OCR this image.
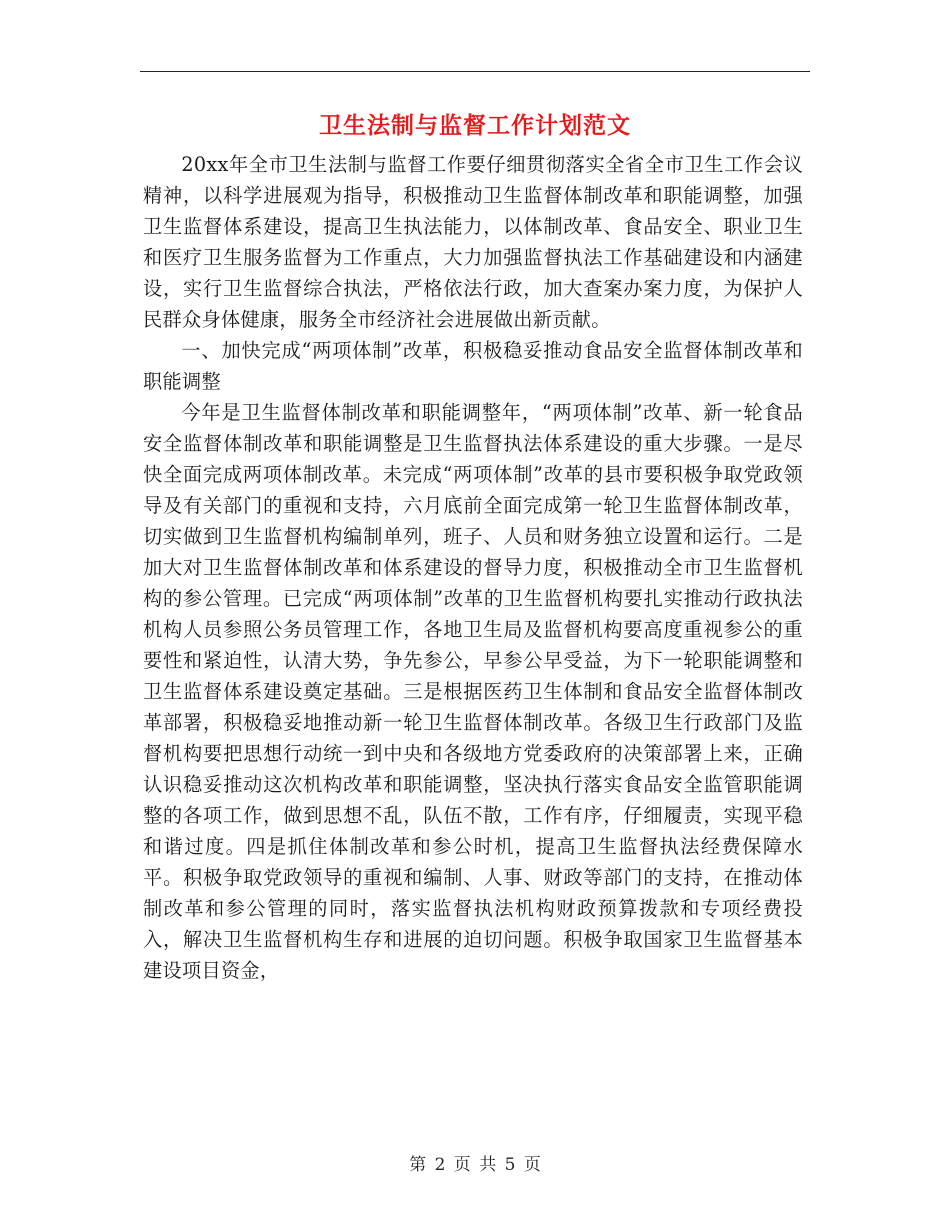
卫生法制与监督工作计划范文

20xx年全市卫生法制与监督工作要仔细贯彻落实全省全市卫生工作会议精神，以科学进展观为指导，积极推动卫生监督体制改革和职能调整，加强卫生监督体系建设，提高卫生执法能力，以体制改革、食品安全、职业卫生和医疗卫生服务监督为工作重点，大力加强监督执法工作基础建设和内涵建设，实行卫生监督综合执法，严格依法行政，加大查案办案力度，为保护人民群众身体健康，服务全市经济社会进展做出新贡献。

一、加快完成“两项体制”改革，积极稳妥推动食品安全监督体制改革和职能调整

今年是卫生监督体制改革和职能调整年，“两项体制”改革、新一轮食品安全监督体制改革和职能调整是卫生监督执法体系建设的重大步骤。一是尽快全面完成两项体制改革。未完成“两项体制”改革的县市要积极争取党政领导及有关部门的重视和支持，六月底前全面完成第一轮卫生监督体制改革，切实做到卫生监督机构编制单列，班子、人员和财务独立设置和运行。二是加大对卫生监督体制改革和体系建设的督导力度，积极推动全市卫生监督机构的参公管理。已完成“两项体制”改革的卫生监督机构要扎实推动行政执法机构人员参照公务员管理工作，各地卫生局及监督机构要高度重视参公的重要性和紧迫性，认清大势，争先参公，早参公早受益，为下一轮职能调整和卫生监督体系建设奠定基础。三是根据医药卫生体制和食品安全监督体制改革部署，积极稳妥地推动新一轮卫生监督体制改革。各级卫生行政部门及监督机构要把思想行动统一到中央和各级地方党委政府的决策部署上来，正确认识稳妥推动这次机构改革和职能调整，坚决执行落实食品安全监管职能调整的各项工作，做到思想不乱，队伍不散，工作有序，仔细履责，实现平稳和谐过度。四是抓住体制改革和参公时机，提高卫生监督执法经费保障水平。积极争取党政领导的重视和编制、人事、财政等部门的支持，在推动体制改革和参公管理的同时，落实监督执法机构财政预算拨款和专项经费投入，解决卫生监督机构生存和进展的迫切问题。积极争取国家卫生监督基本建设项目资金，

第 2 页 共 5 页
